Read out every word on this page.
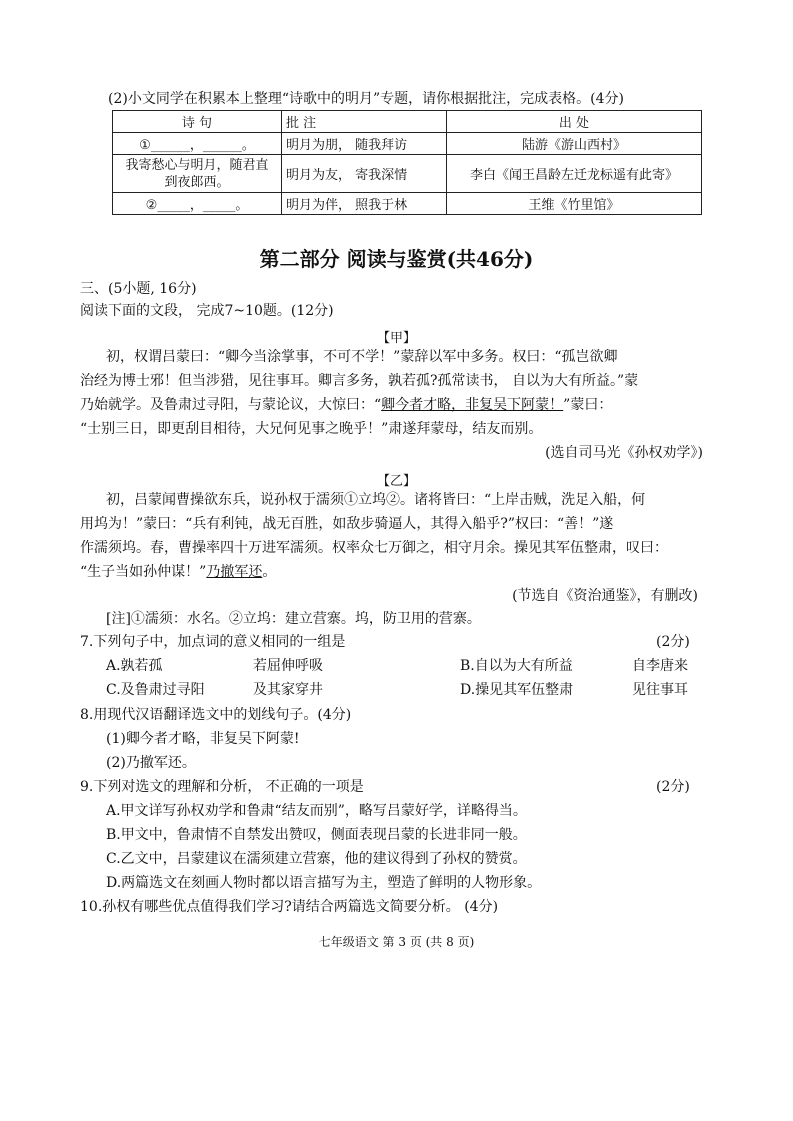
(2)小文同学在积累本上整理“诗歌中的明月”专题，请你根据批注，完成表格。(4分)
诗 句	批 注	出 处
①______，______。	明月为朋， 随我拜访	陆游《游山西村》
我寄愁心与明月，随君直
到夜郎西。	明月为友， 寄我深情	李白《闻王昌龄左迁龙标遥有此寄》
②_____，_____。	明月为伴， 照我于林	王维《竹里馆》
第二部分 阅读与鉴赏(共46分)
三、(5小题, 16分)
阅读下面的文段， 完成7~10题。(12分)
【甲】
初，权谓吕蒙曰：“卿今当涂掌事，不可不学！”蒙辞以军中多务。权曰：“孤岂欲卿
治经为博士邪！但当涉猎，见往事耳。卿言多务，孰若孤?孤常读书， 自以为大有所益。”蒙
乃始就学。及鲁肃过寻阳，与蒙论议，大惊曰：“卿今者才略，非复吴下阿蒙！”蒙曰：
“士别三日，即更刮目相待，大兄何见事之晚乎！”肃遂拜蒙母，结友而别。
(选自司马光《孙权劝学》)
【乙】
初，吕蒙闻曹操欲东兵，说孙权于濡须①立坞②。诸将皆曰：“上岸击贼，洗足入船，何
用坞为！”蒙曰：“兵有利钝，战无百胜，如敌步骑逼人，其得入船乎?”权曰：“善！”遂
作濡须坞。春，曹操率四十万进军濡须。权率众七万御之，相守月余。操见其军伍整肃，叹曰：
“生子当如孙仲谋！”乃撤军还。
(节选自《资治通鉴》，有删改)
[注]①濡须：水名。②立坞：建立营寨。坞，防卫用的营寨。
7.下列句子中，加点词的意义相同的一组是	(2分)
A.孰若孤	若屈伸呼吸	B.自以为大有所益	自李唐来
C.及鲁肃过寻阳	及其家穿井	D.操见其军伍整肃	见往事耳
8.用现代汉语翻译选文中的划线句子。(4分)
(1)卿今者才略，非复吴下阿蒙!
(2)乃撤军还。
9.下列对选文的理解和分析， 不正确的一项是	(2分)
A.甲文详写孙权劝学和鲁肃“结友而别”，略写吕蒙好学，详略得当。
B.甲文中，鲁肃情不自禁发出赞叹，侧面表现吕蒙的长进非同一般。
C.乙文中，吕蒙建议在濡须建立营寨，他的建议得到了孙权的赞赏。
D.两篇选文在刻画人物时都以语言描写为主，塑造了鲜明的人物形象。
10.孙权有哪些优点值得我们学习?请结合两篇选文简要分析。 (4分)
七年级语文 第 3 页 (共 8 页)
